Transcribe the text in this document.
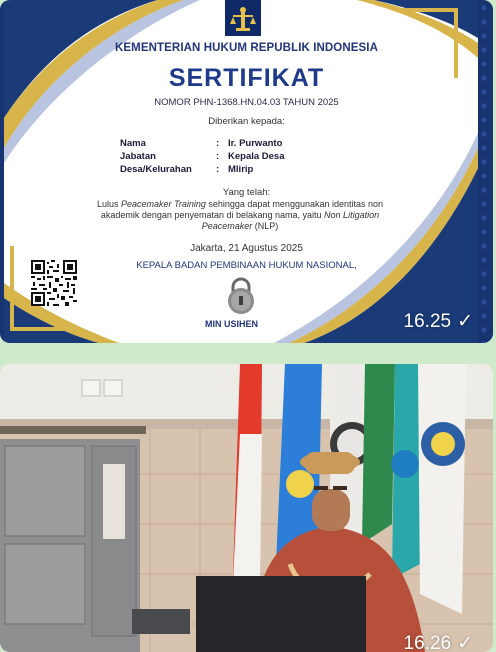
KEMENTERIAN HUKUM REPUBLIK INDONESIA
SERTIFIKAT
NOMOR PHN-1368.HN.04.03 TAHUN 2025
Diberikan kepada:
Nama	: Ir. Purwanto
Jabatan	: Kepala Desa
Desa/Kelurahan	: Mlirip
Yang telah:
Lulus Peacemaker Training sehingga dapat menggunakan identitas non
akademik dengan penyematan di belakang nama, yaitu Non Litigation
Peacemaker (NLP)
Jakarta, 21 Agustus 2025
KEPALA BADAN PEMBINAAN HUKUM NASIONAL,
MIN USIHEN	16.25 ✓
16.26 ✓
